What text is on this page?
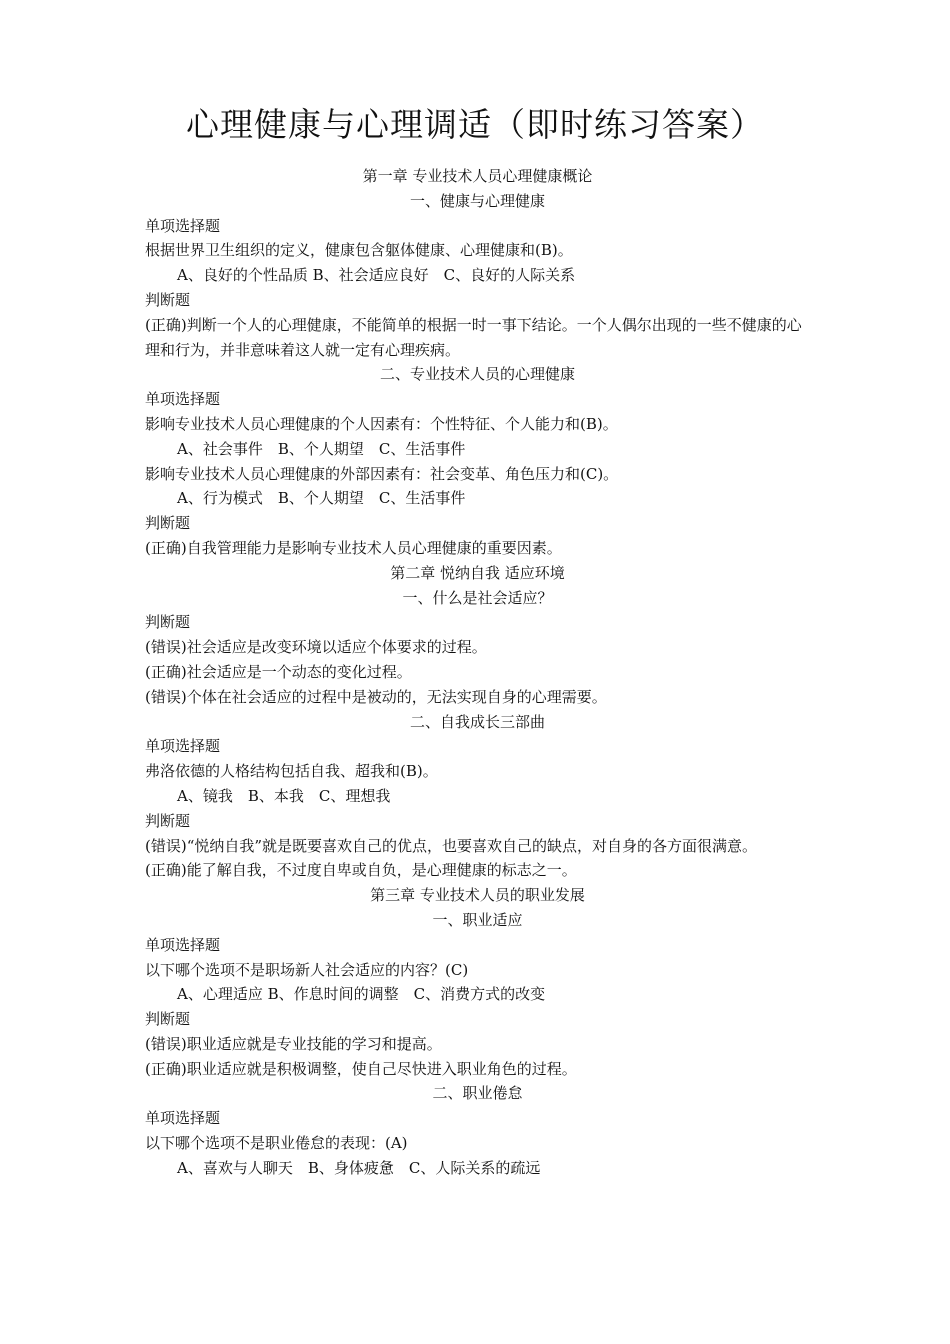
心理健康与心理调适（即时练习答案）

第一章 专业技术人员心理健康概论

一、健康与心理健康

单项选择题

根据世界卫生组织的定义，健康包含躯体健康、心理健康和(B)。

A、良好的个性品质 B、社会适应良好　C、良好的人际关系

判断题

(正确)判断一个人的心理健康，不能简单的根据一时一事下结论。一个人偶尔出现的一些不健康的心理和行为，并非意味着这人就一定有心理疾病。

二、专业技术人员的心理健康

单项选择题

影响专业技术人员心理健康的个人因素有：个性特征、个人能力和(B)。

A、社会事件　B、个人期望　C、生活事件

影响专业技术人员心理健康的外部因素有：社会变革、角色压力和(C)。

A、行为模式　B、个人期望　C、生活事件

判断题

(正确)自我管理能力是影响专业技术人员心理健康的重要因素。

第二章 悦纳自我 适应环境

一、什么是社会适应？

判断题

(错误)社会适应是改变环境以适应个体要求的过程。

(正确)社会适应是一个动态的变化过程。

(错误)个体在社会适应的过程中是被动的，无法实现自身的心理需要。

二、自我成长三部曲

单项选择题

弗洛依德的人格结构包括自我、超我和(B)。

A、镜我　B、本我　C、理想我

判断题

(错误)“悦纳自我”就是既要喜欢自己的优点，也要喜欢自己的缺点，对自身的各方面很满意。

(正确)能了解自我，不过度自卑或自负，是心理健康的标志之一。

第三章 专业技术人员的职业发展

一、职业适应

单项选择题

以下哪个选项不是职场新人社会适应的内容？(C)

A、心理适应 B、作息时间的调整　C、消费方式的改变

判断题

(错误)职业适应就是专业技能的学习和提高。

(正确)职业适应就是积极调整，使自己尽快进入职业角色的过程。

二、职业倦怠

单项选择题

以下哪个选项不是职业倦怠的表现：(A)

A、喜欢与人聊天　B、身体疲惫　C、人际关系的疏远
